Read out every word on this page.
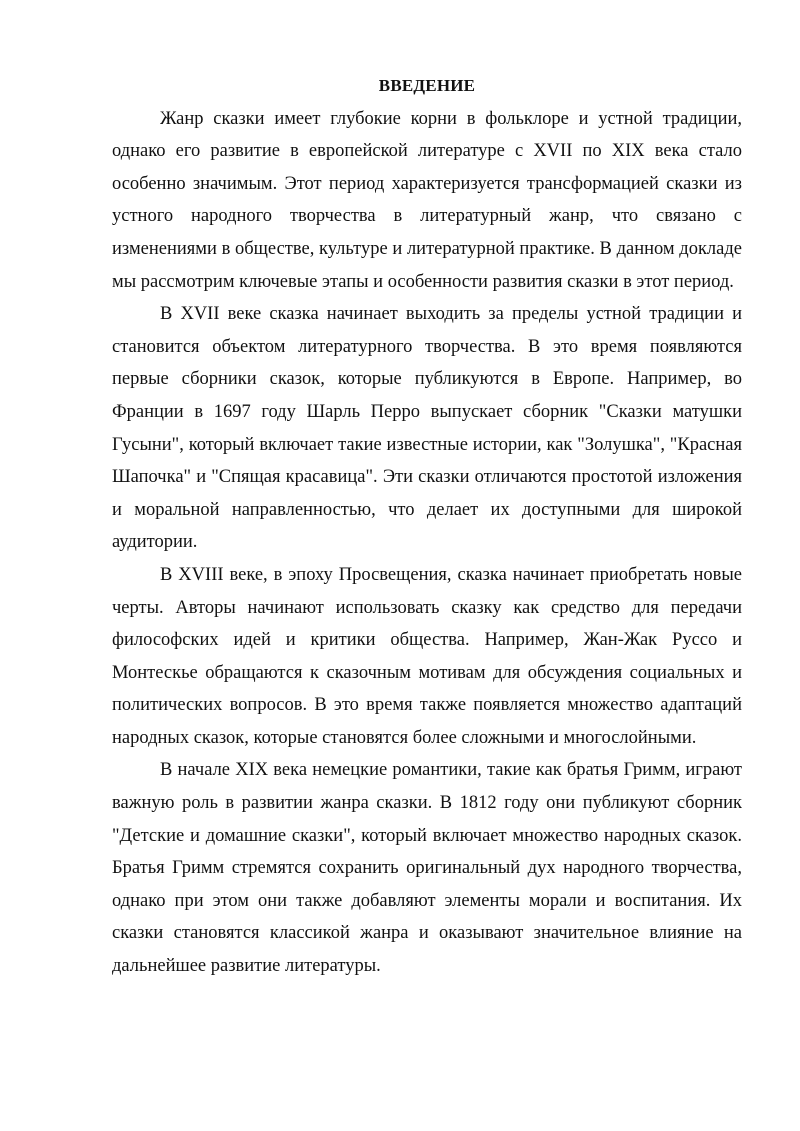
ВВЕДЕНИЕ

Жанр сказки имеет глубокие корни в фольклоре и устной традиции, однако его развитие в европейской литературе с XVII по XIX века стало особенно значимым. Этот период характеризуется трансформацией сказки из устного народного творчества в литературный жанр, что связано с изменениями в обществе, культуре и литературной практике. В данном докладе мы рассмотрим ключевые этапы и особенности развития сказки в этот период.

В XVII веке сказка начинает выходить за пределы устной традиции и становится объектом литературного творчества. В это время появляются первые сборники сказок, которые публикуются в Европе. Например, во Франции в 1697 году Шарль Перро выпускает сборник "Сказки матушки Гусыни", который включает такие известные истории, как "Золушка", "Красная Шапочка" и "Спящая красавица". Эти сказки отличаются простотой изложения и моральной направленностью, что делает их доступными для широкой аудитории.

В XVIII веке, в эпоху Просвещения, сказка начинает приобретать новые черты. Авторы начинают использовать сказку как средство для передачи философских идей и критики общества. Например, Жан-Жак Руссо и Монтескье обращаются к сказочным мотивам для обсуждения социальных и политических вопросов. В это время также появляется множество адаптаций народных сказок, которые становятся более сложными и многослойными.

В начале XIX века немецкие романтики, такие как братья Гримм, играют важную роль в развитии жанра сказки. В 1812 году они публикуют сборник "Детские и домашние сказки", который включает множество народных сказок. Братья Гримм стремятся сохранить оригинальный дух народного творчества, однако при этом они также добавляют элементы морали и воспитания. Их сказки становятся классикой жанра и оказывают значительное влияние на дальнейшее развитие литературы.
